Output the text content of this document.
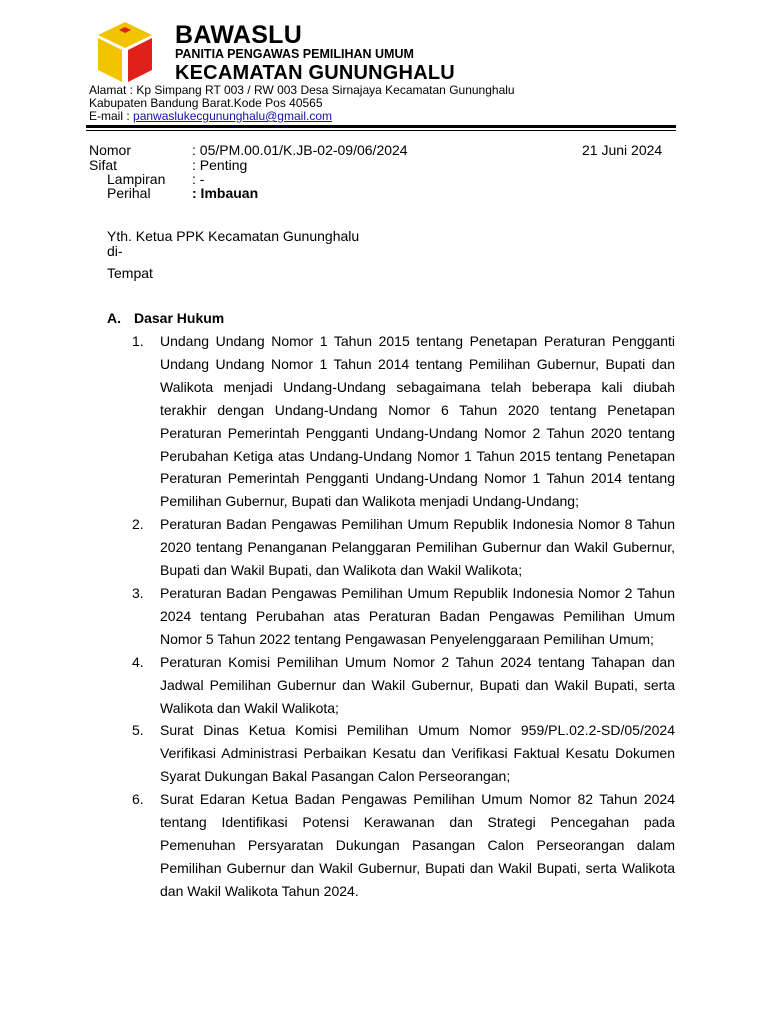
BAWASLU
PANITIA PENGAWAS PEMILIHAN UMUM
KECAMATAN GUNUNGHALU
Alamat : Kp Simpang RT 003 / RW 003 Desa Sirnajaya Kecamatan Gununghalu
Kabupaten Bandung Barat.Kode Pos 40565
E-mail : panwaslukecgununghalu@gmail.com
Nomor	: 05/PM.00.01/K.JB-02-09/06/2024	21 Juni 2024
Sifat	: Penting
Lampiran : -
Perihal	: Imbauan
Yth. Ketua PPK Kecamatan Gununghalu
di-
Tempat
A. Dasar Hukum
1. Undang Undang Nomor 1 Tahun 2015 tentang Penetapan Peraturan Pengganti Undang Undang Nomor 1 Tahun 2014 tentang Pemilihan Gubernur, Bupati dan Walikota menjadi Undang-Undang sebagaimana telah beberapa kali diubah terakhir dengan Undang-Undang Nomor 6 Tahun 2020 tentang Penetapan Peraturan Pemerintah Pengganti Undang-Undang Nomor 2 Tahun 2020 tentang Perubahan Ketiga atas Undang-Undang Nomor 1 Tahun 2015 tentang Penetapan Peraturan Pemerintah Pengganti Undang-Undang Nomor 1 Tahun 2014 tentang Pemilihan Gubernur, Bupati dan Walikota menjadi Undang-Undang;
2. Peraturan Badan Pengawas Pemilihan Umum Republik Indonesia Nomor 8 Tahun 2020 tentang Penanganan Pelanggaran Pemilihan Gubernur dan Wakil Gubernur, Bupati dan Wakil Bupati, dan Walikota dan Wakil Walikota;
3. Peraturan Badan Pengawas Pemilihan Umum Republik Indonesia Nomor 2 Tahun 2024 tentang Perubahan atas Peraturan Badan Pengawas Pemilihan Umum Nomor 5 Tahun 2022 tentang Pengawasan Penyelenggaraan Pemilihan Umum;
4. Peraturan Komisi Pemilihan Umum Nomor 2 Tahun 2024 tentang Tahapan dan Jadwal Pemilihan Gubernur dan Wakil Gubernur, Bupati dan Wakil Bupati, serta Walikota dan Wakil Walikota;
5. Surat Dinas Ketua Komisi Pemilihan Umum Nomor 959/PL.02.2-SD/05/2024 Verifikasi Administrasi Perbaikan Kesatu dan Verifikasi Faktual Kesatu Dokumen Syarat Dukungan Bakal Pasangan Calon Perseorangan;
6. Surat Edaran Ketua Badan Pengawas Pemilihan Umum Nomor 82 Tahun 2024 tentang Identifikasi Potensi Kerawanan dan Strategi Pencegahan pada Pemenuhan Persyaratan Dukungan Pasangan Calon Perseorangan dalam Pemilihan Gubernur dan Wakil Gubernur, Bupati dan Wakil Bupati, serta Walikota dan Wakil Walikota Tahun 2024.
